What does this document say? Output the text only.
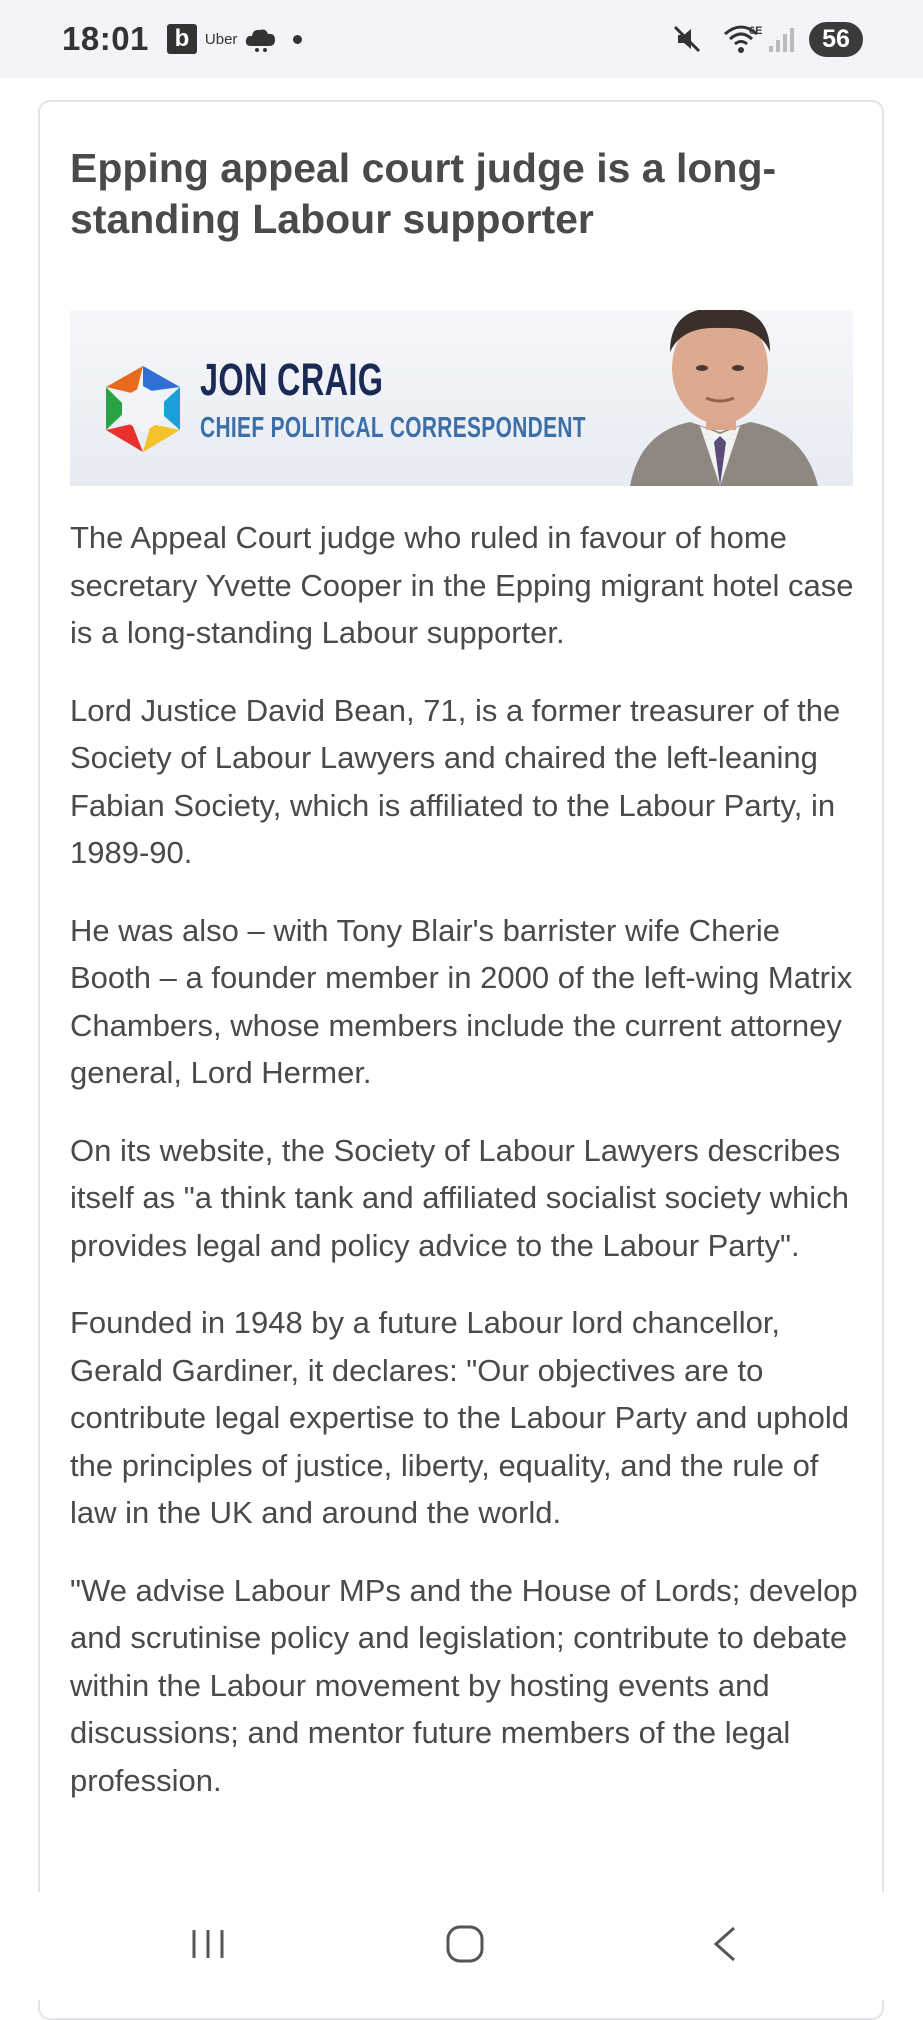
18:01	b	Uber	6E	56
Epping appeal court judge is a long-standing Labour supporter
JON CRAIG
CHIEF POLITICAL CORRESPONDENT

The Appeal Court judge who ruled in favour of home secretary Yvette Cooper in the Epping migrant hotel case is a long-standing Labour supporter.

Lord Justice David Bean, 71, is a former treasurer of the Society of Labour Lawyers and chaired the left-leaning Fabian Society, which is affiliated to the Labour Party, in 1989-90.

He was also – with Tony Blair's barrister wife Cherie Booth – a founder member in 2000 of the left-wing Matrix Chambers, whose members include the current attorney general, Lord Hermer.

On its website, the Society of Labour Lawyers describes itself as "a think tank and affiliated socialist society which provides legal and policy advice to the Labour Party".

Founded in 1948 by a future Labour lord chancellor, Gerald Gardiner, it declares: "Our objectives are to contribute legal expertise to the Labour Party and uphold the principles of justice, liberty, equality, and the rule of law in the UK and around the world.

"We advise Labour MPs and the House of Lords; develop and scrutinise policy and legislation; contribute to debate within the Labour movement by hosting events and discussions; and mentor future members of the legal profession.
